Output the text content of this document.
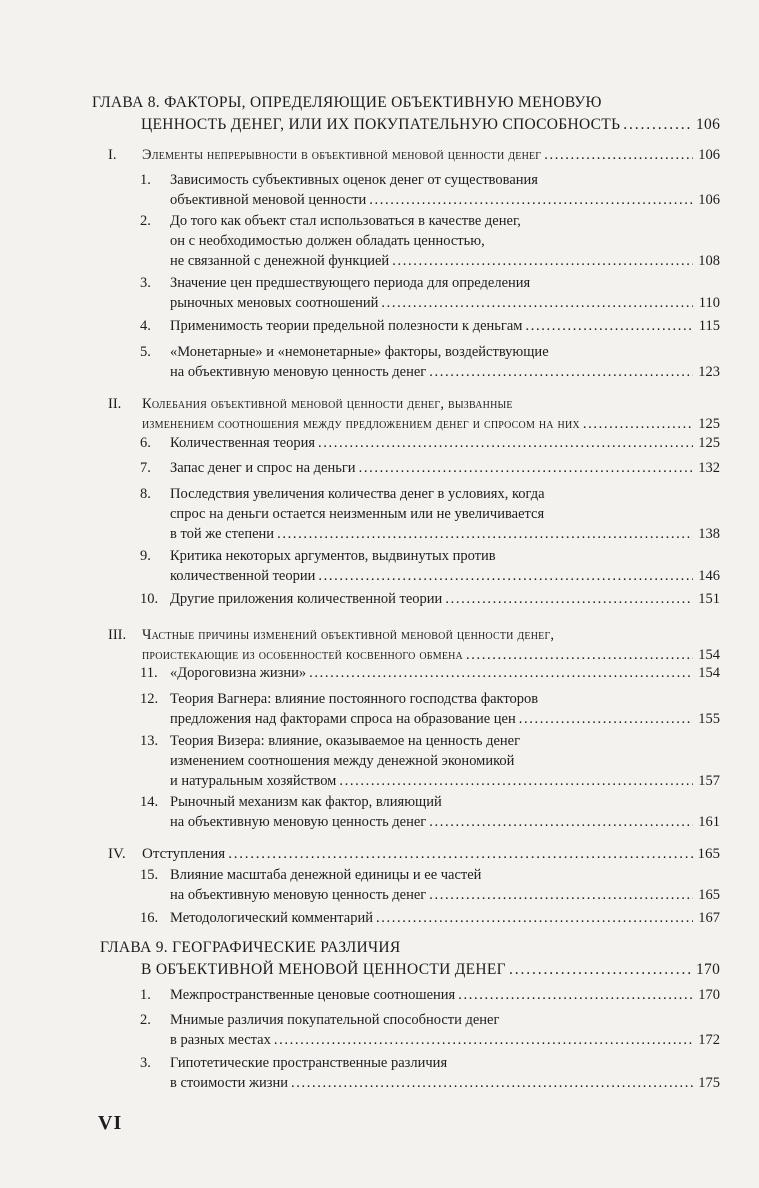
ГЛАВА 8.
ФАКТОРЫ, ОПРЕДЕЛЯЮЩИЕ ОБЪЕКТИВНУЮ МЕНОВУЮ
ЦЕННОСТЬ ДЕНЕГ, ИЛИ ИХ ПОКУПАТЕЛЬНУЮ СПОСОБНОСТЬ . . .	106
I.	Элементы непрерывности в объективной меновой ценности денег . . .	106
1.	Зависимость субъективных оценок денег от существования
объективной меновой ценности . . .	106
2.	До того как объект стал использоваться в качестве денег,
он с необходимостью должен обладать ценностью,
не связанной с денежной функцией . . .	108
3.	Значение цен предшествующего периода для определения
рыночных меновых соотношений . . .	110
4.	Применимость теории предельной полезности к деньгам . . .	115
5.	«Монетарные» и «немонетарные» факторы, воздействующие
на объективную меновую ценность денег . . .	123
II.	Колебания объективной меновой ценности денег, вызванные
изменением соотношения между предложением денег и спросом на них . . .	125
6.	Количественная теория . . .	125
7.	Запас денег и спрос на деньги . . .	132
8.	Последствия увеличения количества денег в условиях, когда
спрос на деньги остается неизменным или не увеличивается
в той же степени . . .	138
9.	Критика некоторых аргументов, выдвинутых против
количественной теории . . .	146
10. Другие приложения количественной теории . . .	151
III.	Частные причины изменений объективной меновой ценности денег,
проистекающие из особенностей косвенного обмена . . .	154
11. «Дороговизна жизни» . . .	154
12. Теория Вагнера: влияние постоянного господства факторов
предложения над факторами спроса на образование цен . . .	155
13. Теория Визера: влияние, оказываемое на ценность денег
изменением соотношения между денежной экономикой
и натуральным хозяйством . . .	157
14. Рыночный механизм как фактор, влияющий
на объективную меновую ценность денег . . .	161
IV.	Отступления . . .	165
15. Влияние масштаба денежной единицы и ее частей
на объективную меновую ценность денег . . .	165
16. Методологический комментарий . . .	167
ГЛАВА 9.
ГЕОГРАФИЧЕСКИЕ РАЗЛИЧИЯ
В ОБЪЕКТИВНОЙ МЕНОВОЙ ЦЕННОСТИ ДЕНЕГ . . .	170
1.	Межпространственные ценовые соотношения . . .	170
2.	Мнимые различия покупательной способности денег
в разных местах . . .	172
3.	Гипотетические пространственные различия
в стоимости жизни . . .	175
VI
